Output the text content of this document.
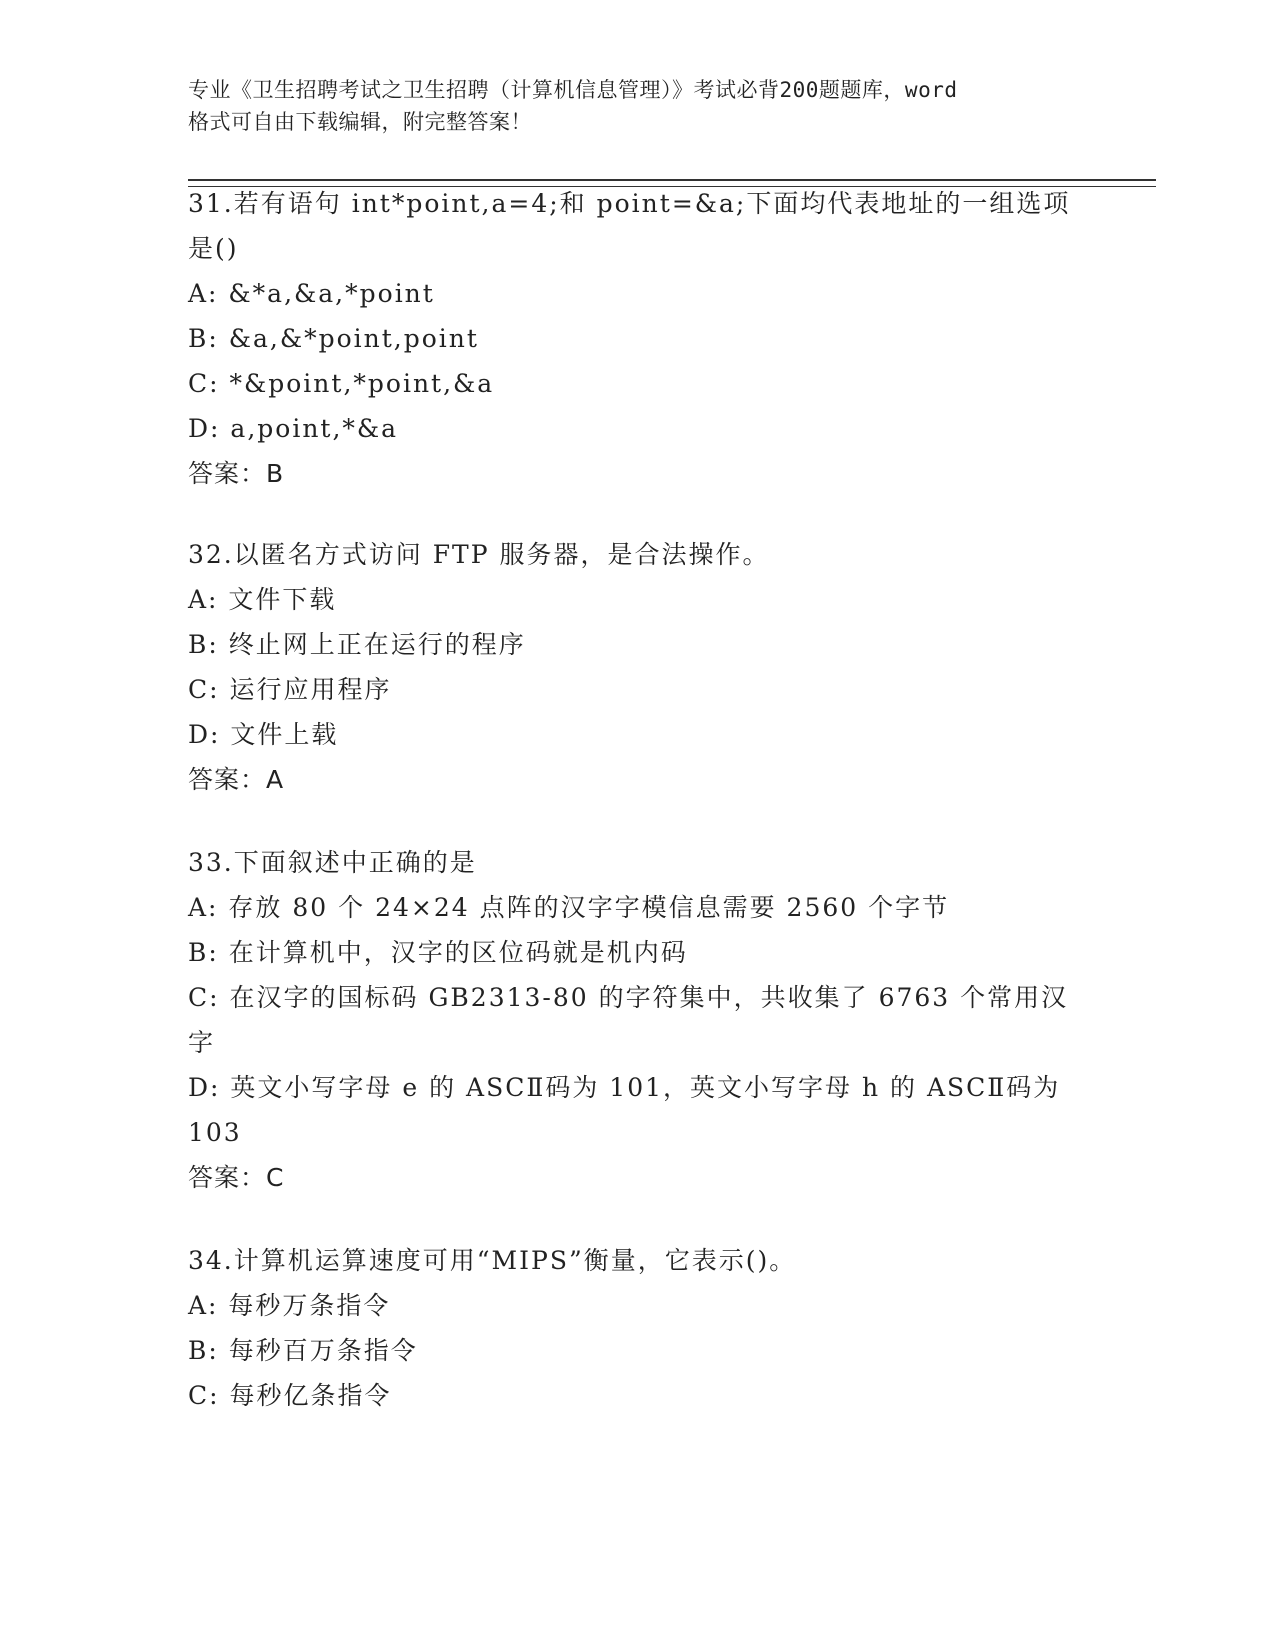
专业《卫生招聘考试之卫生招聘（计算机信息管理）》考试必背200题题库，word

格式可自由下载编辑，附完整答案！

31.若有语句 int*point,a=4;和 point=&a;下面均代表地址的一组选项

是()

A: &*a,&a,*point

B: &a,&*point,point

C: *&point,*point,&a

D: a,point,*&a

答案：B

32.以匿名方式访问 FTP 服务器，是合法操作。

A: 文件下载

B: 终止网上正在运行的程序

C: 运行应用程序

D: 文件上载

答案：A

33.下面叙述中正确的是

A: 存放 80 个 24×24 点阵的汉字字模信息需要 2560 个字节

B: 在计算机中，汉字的区位码就是机内码

C: 在汉字的国标码 GB2313-80 的字符集中，共收集了 6763 个常用汉

字

D: 英文小写字母 e 的 ASCⅡ码为 101，英文小写字母 h 的 ASCⅡ码为

103

答案：C

34.计算机运算速度可用“MIPS”衡量，它表示()。

A: 每秒万条指令

B: 每秒百万条指令

C: 每秒亿条指令
